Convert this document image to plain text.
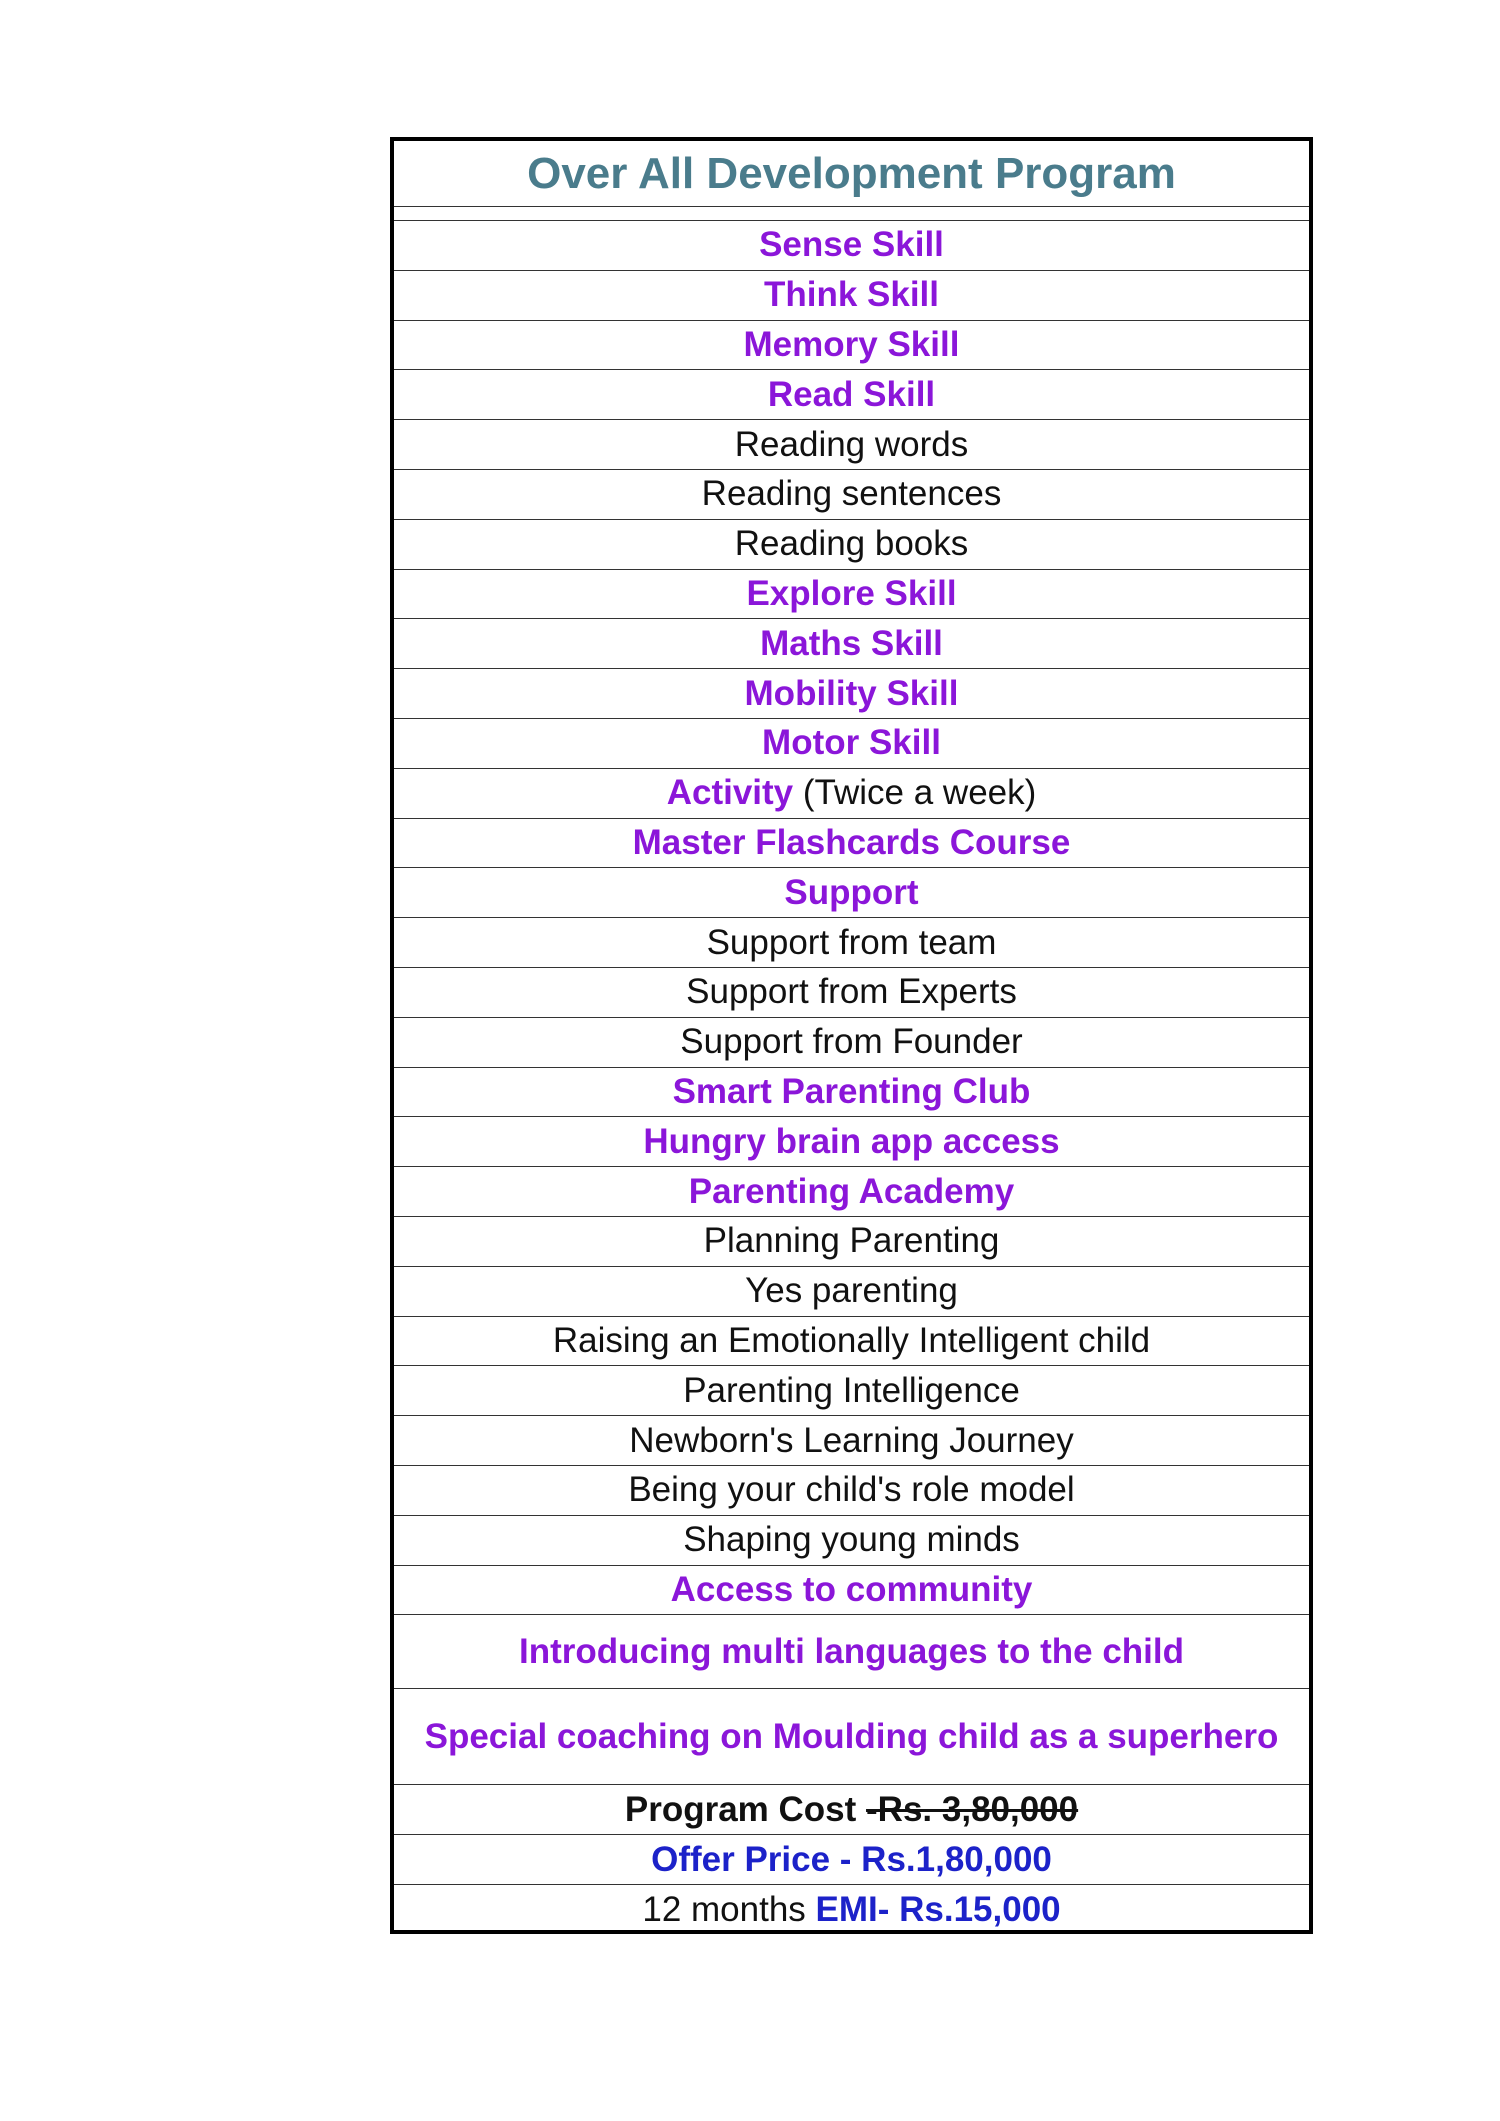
Over All Development Program
Sense Skill
Think Skill
Memory Skill
Read Skill
Reading words
Reading sentences
Reading books
Explore Skill
Maths Skill
Mobility Skill
Motor Skill
Activity (Twice a week)
Master Flashcards Course
Support
Support from team
Support from Experts
Support from Founder
Smart Parenting Club
Hungry brain app access
Parenting Academy
Planning Parenting
Yes parenting
Raising an Emotionally Intelligent child
Parenting Intelligence
Newborn's Learning Journey
Being your child's role model
Shaping young minds
Access to community
Introducing multi languages to the child
Special coaching on Moulding child as a superhero
Program Cost -Rs. 3,80,000
Offer Price - Rs.1,80,000
12 months EMI- Rs.15,000
